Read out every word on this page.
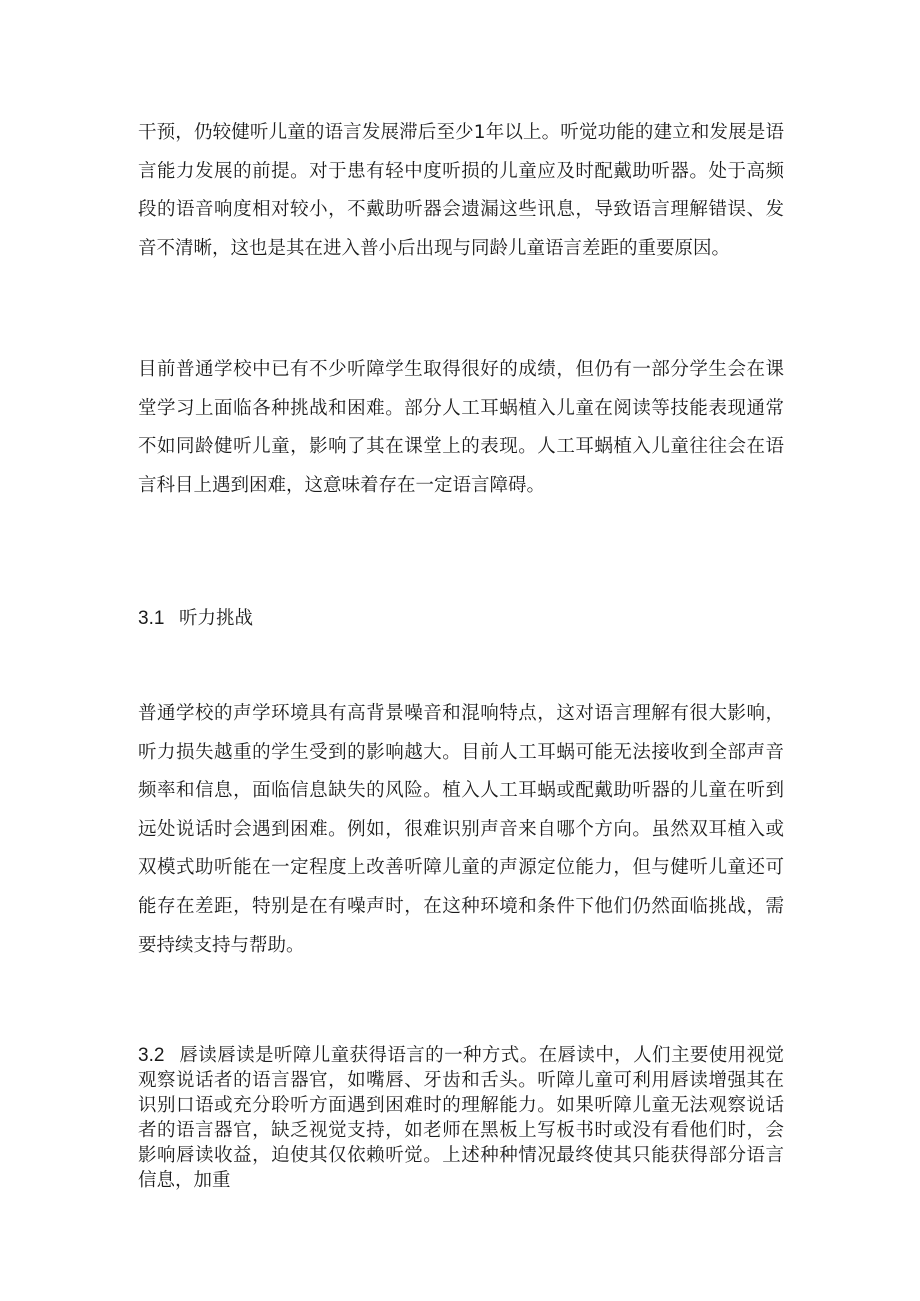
干预，仍较健听儿童的语言发展滞后至少1年以上。听觉功能的建立和发展是语言能力发展的前提。对于患有轻中度听损的儿童应及时配戴助听器。处于高频段的语音响度相对较小，不戴助听器会遗漏这些讯息，导致语言理解错误、发音不清晰，这也是其在进入普小后出现与同龄儿童语言差距的重要原因。

目前普通学校中已有不少听障学生取得很好的成绩，但仍有一部分学生会在课堂学习上面临各种挑战和困难。部分人工耳蜗植入儿童在阅读等技能表现通常不如同龄健听儿童，影响了其在课堂上的表现。人工耳蜗植入儿童往往会在语言科目上遇到困难，这意味着存在一定语言障碍。

3.1 听力挑战

普通学校的声学环境具有高背景噪音和混响特点，这对语言理解有很大影响，听力损失越重的学生受到的影响越大。目前人工耳蜗可能无法接收到全部声音频率和信息，面临信息缺失的风险。植入人工耳蜗或配戴助听器的儿童在听到远处说话时会遇到困难。例如，很难识别声音来自哪个方向。虽然双耳植入或双模式助听能在一定程度上改善听障儿童的声源定位能力，但与健听儿童还可能存在差距，特别是在有噪声时，在这种环境和条件下他们仍然面临挑战，需要持续支持与帮助。

3.2 唇读唇读是听障儿童获得语言的一种方式。在唇读中，人们主要使用视觉观察说话者的语言器官，如嘴唇、牙齿和舌头。听障儿童可利用唇读增强其在识别口语或充分聆听方面遇到困难时的理解能力。如果听障儿童无法观察说话者的语言器官，缺乏视觉支持，如老师在黑板上写板书时或没有看他们时，会影响唇读收益，迫使其仅依赖听觉。上述种种情况最终使其只能获得部分语言信息，加重
